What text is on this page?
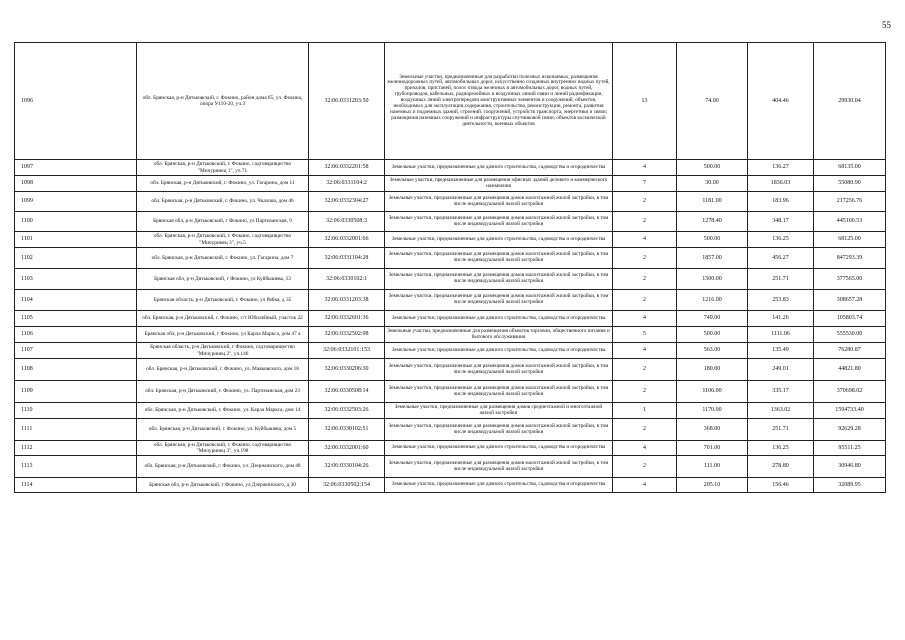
55
1096	обл. Брянская, р-н Дятьковский, г. Фокино, район дома 65, ул. Фокина, опора У110-20, уч.3	32:06:0331203:50	Земельные участки, предназначенные для разработки полезных ископаемых, размещения железнодорожных путей, автомобильных дорог, искусственно созданных внутренних водных путей, причалов, пристаней, полос отвода железных и автомобильных дорог, водных путей, трубопроводов, кабельных, радиорелейных и воздушных линий связи и линий радиофикации, воздушных линий электропередачи конструктивных элементов и сооружений, объектов, необходимых для эксплуатации,содержания, строительства, реконструкции, ремонта, развития наземных и подземных зданий, строений, сооружений, устройств транспорта, энергетики и связи; размещения наземных сооружений и инфраструктуры спутниковой связи, объектов космической деятельности, военных объектов	13	74.00	404.46	29930.04
1097	обл. Брянская, р-н Дятьковский, г. Фокино, садтоварищество "Мичуринец 1", уч.71	32:06:0332201:58	Земельные участки, предназначенные для дачного строительства, садоводства и огородничества	4	500.00	136.27	68135.00
1098	обл. Брянская, р-н Дятьковский, г. Фокино, ул. Гагарина, дом 11	32:06:0331104:2	Земельные участки, предназначенные для размещения офисных зданий делового и коммерческого назначения	7	30.00	1836.03	55080.90
1099	обл. Брянская, р-н Дятьковский, г. Фокино, ул. Чкалова, дом 46	32:06:0332304:27	Земельные участки, предназначенные для размещения домов малоэтажной жилой застройки, в том числе индивидуальной жилой застройки	2	1181.00	183.96	217256.76
1100	Брянская обл, р-н Дятьковский, г Фокино, ул Партизанская, 9	32:06:0330508:3	Земельные участки, предназначенные для размещения домов малоэтажной жилой застройки, в том числе индивидуальной жилой застройки	2	1278.40	348.17	445100.53
1101	обл. Брянская, р-н Дятьковский, г. Фокино, садтоварищество "Мичуринец 3", уч.5	32:06:0332001:66	Земельные участки, предназначенные для дачного строительства, садоводства и огородничества	4	500.00	136.25	68125.00
1102	обл. Брянская, р-н Дятьковский, г. Фокино, ул. Гагарина, дом 7	32:06:0331104:28	Земельные участки, предназначенные для размещения домов малоэтажной жилой застройки, в том числе индивидуальной жилой застройки	2	1857.00	456.27	847293.39
1103	Брянская обл, р-н Дятьковский, г Фокино, ул Куйбышева, 33	32:06:0330102:1	Земельные участки, предназначенные для размещения домов малоэтажной жилой застройки, в том числе индивидуальной жилой застройки	2	1500.00	251.71	377565.00
1104	Брянская область, р-н Дятьковский, г. Фокино, ул Рябка, д 35	32:06:0331203:38	Земельные участки, предназначенные для размещения домов малоэтажной жилой застройки, в том числе индивидуальной жилой застройки	2	1216.00	253.83	308657.28
1105	обл. Брянская, р-н Дятьковский, г. Фокино, с/т Юбилейный, участок 22	32:06:0332601:36	Земельные участки, предназначенные для дачного строительства, садоводства и огородничества	4	749.00	141.26	105803.74
1106	Брянская обл, р-н Дятьковский, г Фокино, ул Карла Маркса, дом 47 а	32:06:0332502:98	Земельные участки, предназначенные для размещения объектов торговли, общественного питания и бытового обслуживания	5	500.00	1111.06	555530.00
1107	Брянская область, р-н Дятьковский, г Фокино, садтоварищество "Мичуринец 2", уч.146	32:06:0332101:153	Земельные участки, предназначенные для дачного строительства, садоводства и огородничества	4	563.00	135.49	76280.87
1108	обл. Брянская, р-н Дятьковский, г. Фокино, ул. Маяковского, дом 18	32:06:0330206:30	Земельные участки, предназначенные для размещения домов малоэтажной жилой застройки, в том числе индивидуальной жилой застройки	2	180.00	249.01	44821.80
1109	обл. Брянская, р-н Дятьковский, г. Фокино, ул. Партизанская, дом 23	32:06:0330508:14	Земельные участки, предназначенные для размещения домов малоэтажной жилой застройки, в том числе индивидуальной жилой застройки	2	1106.00	335.17	370698.02
1110	обл. Брянская, р-н Дятьковский, г. Фокино, ул. Карла Маркса, дом 14	32:06:0332503:26	Земельные участки, предназначенные для размещения домов среднеэтажной и многоэтажной жилой застройки	1	1170.00	1363.02	1594733.40
1111	обл. Брянская, р-н Дятьковский, г. Фокино, ул. Куйбышева, дом 5	32:06:0330102:51	Земельные участки, предназначенные для размещения домов малоэтажной жилой застройки, в том числе индивидуальной жилой застройки	2	368.00	251.71	92629.28
1112	обл. Брянская, р-н Дятьковский, г. Фокино, садтоварищество "Мичуринец 3", уч.198	32:06:0332001:60	Земельные участки, предназначенные для дачного строительства, садоводства и огородничества	4	701.00	136.25	95511.25
1113	обл. Брянская, р-н Дятьковский, г. Фокино, ул. Дзержинского, дом 48	32:06:0330104:26	Земельные участки, предназначенные для размещения домов малоэтажной жилой застройки, в том числе индивидуальной жилой застройки	2	111.00	278.80	30946.80
1114	Брянская обл, р-н Дятьковский, г Фокино, ул Дзержинского, д 30	32:06:0330502:154	Земельные участки, предназначенные для дачного строительства, садоводства и огородничества	4	205.10	156.46	32089.95
